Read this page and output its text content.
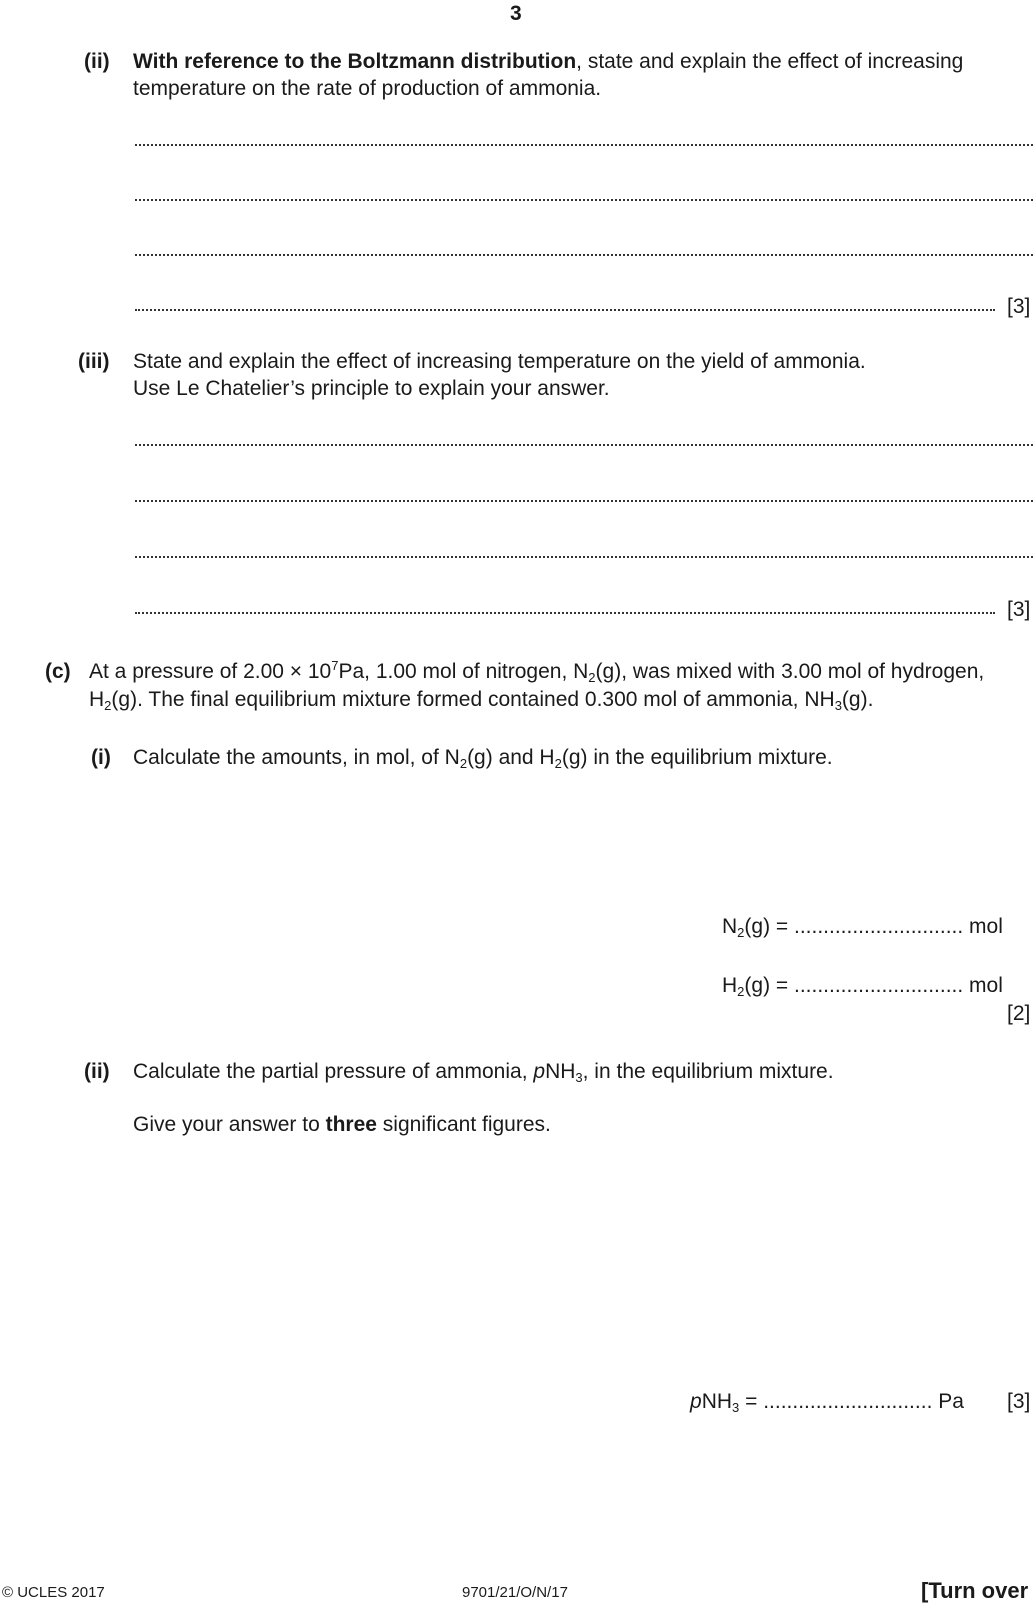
3
(ii) With reference to the Boltzmann distribution, state and explain the effect of increasing
temperature on the rate of production of ammonia.
[3]
(iii) State and explain the effect of increasing temperature on the yield of ammonia.
Use Le Chatelier’s principle to explain your answer.
[3]
(c) At a pressure of $2.00 \times 10^7Pa$, 1.00 mol of nitrogen, $N_2(g)$, was mixed with 3.00 mol of hydrogen,
$H_2(g)$. The final equilibrium mixture formed contained 0.300 mol of ammonia, $NH_3(g)$.
(i) Calculate the amounts, in mol, of $N_2(g)$ and $H_2(g)$ in the equilibrium mixture.
$N_2(g)$ = ............................. mol
$H_2(g)$ = ............................. mol
[2]
(ii) Calculate the partial pressure of ammonia, pNH$_3$, in the equilibrium mixture.
Give your answer to three significant figures.
pNH$_3$ = ............................. Pa [3]
© UCLES 2017	9701/21/O/N/17	[Turn over
